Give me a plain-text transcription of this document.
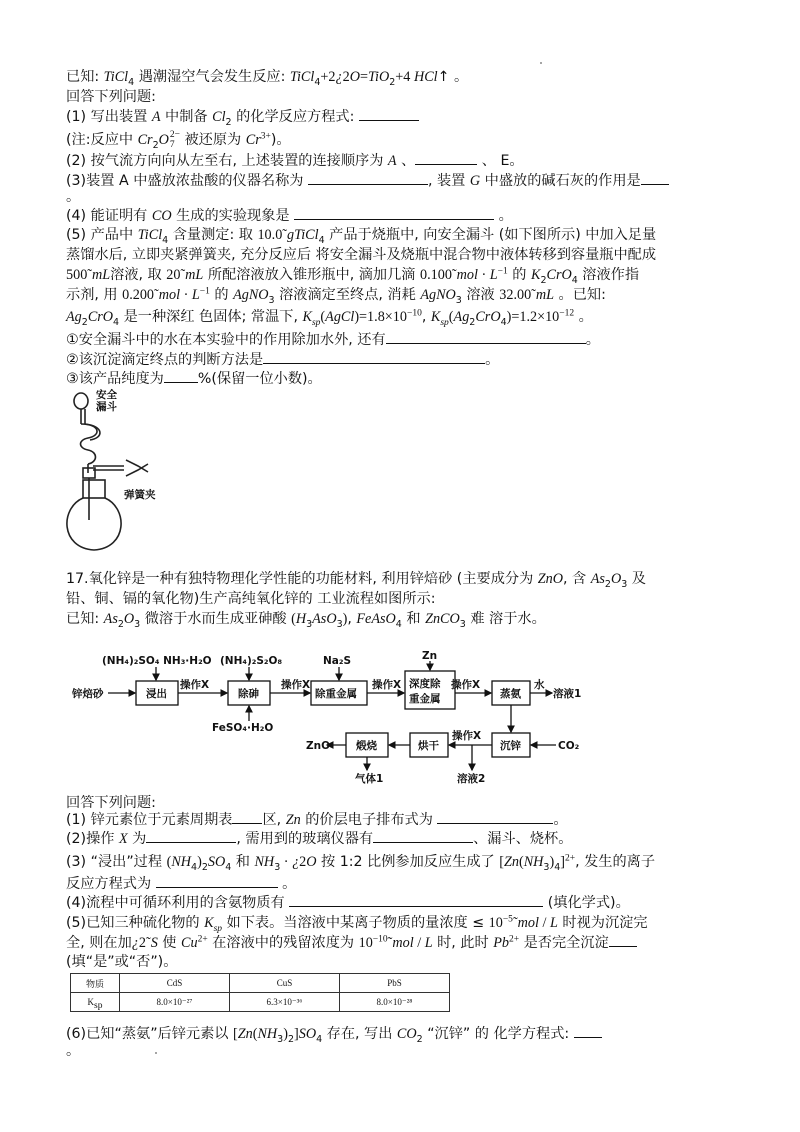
已知: TiCl$_4$ 遇潮湿空气会发生反应: TiCl$_4$+2¿2O=TiO$_2$+4 HCl↑ 。
回答下列问题:
(1) 写出装置 A 中制备 $Cl_2$ 的化学反应方程式:
(注:反应中 $Cr_2O2-$
7 被还原为 $Cr^{3+}$)。
(2) 按气流方向向从左至右, 上述装置的连接顺序为 A 、	、 E。
(3)装置 A 中盛放浓盐酸的仪器名称为	, 装置 G 中盛放的碱石灰的作用是
。
(4) 能证明有 CO 生成的实验现象是	。
(5) 产品中 TiCl$_4$ 含量测定: 取 10.0˜gTiCl$_4$ 产品于烧瓶中, 向安全漏斗 (如下图所示) 中加入足量
蒸馏水后, 立即夹紧弹簧夹, 充分反应后 将安全漏斗及烧瓶中混合物中液体转移到容量瓶中配成
500˜mL溶液, 取 20˜mL 所配溶液放入锥形瓶中, 滴加几滴 0.100˜mol · $L^{-1}$ 的 $K_2CrO_4$ 溶液作指
示剂, 用 0.200˜mol · $L^{-1}$ 的 AgNO$_3$ 溶液滴定至终点, 消耗 AgNO$_3$ 溶液 32.00˜mL 。已知:
$Ag_2CrO_4$ 是一种深红 色固体; 常温下, $K_{sp}(AgCl)=1.8\times 10^{-10}$, $K_{sp}(Ag_2CrO_4)=1.2\times 10^{-12}$ 。
①安全漏斗中的水在本实验中的作用除加水外, 还有	。
②该沉淀滴定终点的判断方法是	。
③该产品纯度为 %(保留一位小数)。
安全
漏斗
弹簧夹
17.氧化锌是一种有独特物理化学性能的功能材料, 利用锌焙砂 (主要成分为 ZnO, 含 $As_2O_3$ 及
铅、铜、镉的氧化物)生产高纯氧化锌的 工业流程如图所示:
已知: $As_2O_3$ 微溶于水而生成亚砷酸 $(H_3AsO_3)$, FeAsO$_4$ 和 ZnCO$_3$ 难 溶于水。
(NH₄)₂SO₄ NH₃·H₂O (NH₄)₂S₂O₈	Na₂S	Zn
锌焙砂
操作X	操作X	操作X	操作X	水
溶液1
FeSO₄·H₂O
操作X
ZnO	CO₂
气体1	溶液2
浸出	除砷	除重金属
深度除
重金属	蒸氨
沉锌
烘干
煅烧
回答下列问题:
(1) 锌元素位于元素周期表 区, Zn 的价层电子排布式为	。
(2)操作 X 为	, 需用到的玻璃仪器有	、漏斗、烧杯。
(3) “浸出”过程 $(NH_4)_2SO_4$ 和 $NH_3$ · ¿2O 按 1:2 比例参加反应生成了 $[Zn(NH_3)_4]^{2+}$, 发生的离子
反应方程式为	。
(4)流程中可循环利用的含氨物质有	(填化学式)。
(5)已知三种硫化物的 $K_{sp}$ 如下表。当溶液中某离子物质的量浓度 ≤ $10^{-5}˜mol$ / L 时视为沉淀完
全, 则在加¿2˜S 使 $Cu^{2+}$ 在溶液中的残留浓度为 $10^{-10}˜mol$ / L 时, 此时 $Pb^{2+}$ 是否完全沉淀
(填“是”或“否”)。
物质	CdS	CuS	PbS
$K_{sp}$	8.0×10⁻²⁷	6.3×10⁻³⁶	8.0×10⁻²⁸
(6)已知“蒸氨”后锌元素以 $[Zn(NH_3)_2]SO_4$ 存在, 写出 $CO_2$ “沉锌” 的 化学方程式:
。
